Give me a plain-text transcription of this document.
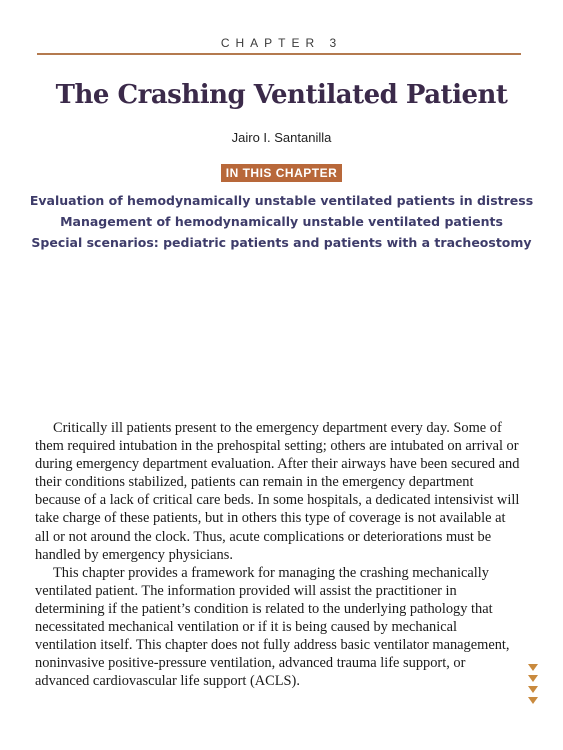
CHAPTER 3
The Crashing Ventilated Patient
Jairo I. Santanilla
IN THIS CHAPTER
Evaluation of hemodynamically unstable ventilated patients in distress
Management of hemodynamically unstable ventilated patients
Special scenarios: pediatric patients and patients with a tracheostomy

Critically ill patients present to the emergency department every day. Some of them required intubation in the prehospital setting; others are intubated on arrival or during emergency department evaluation. After their airways have been secured and their conditions stabilized, patients can remain in the emergency department because of a lack of critical care beds. In some hospitals, a dedicated intensivist will take charge of these patients, but in others this type of coverage is not available at all or not around the clock. Thus, acute complications or deteriorations must be handled by emergency physicians.

This chapter provides a framework for managing the crashing mechanically ventilated patient. The information provided will assist the practitioner in determining if the patient’s condition is related to the underlying pathology that necessitated mechanical ventilation or if it is being caused by mechanical ventilation itself. This chapter does not fully address basic ventilator management, noninvasive positive-pressure ventilation, advanced trauma life support, or advanced cardiovascular life support (ACLS).
